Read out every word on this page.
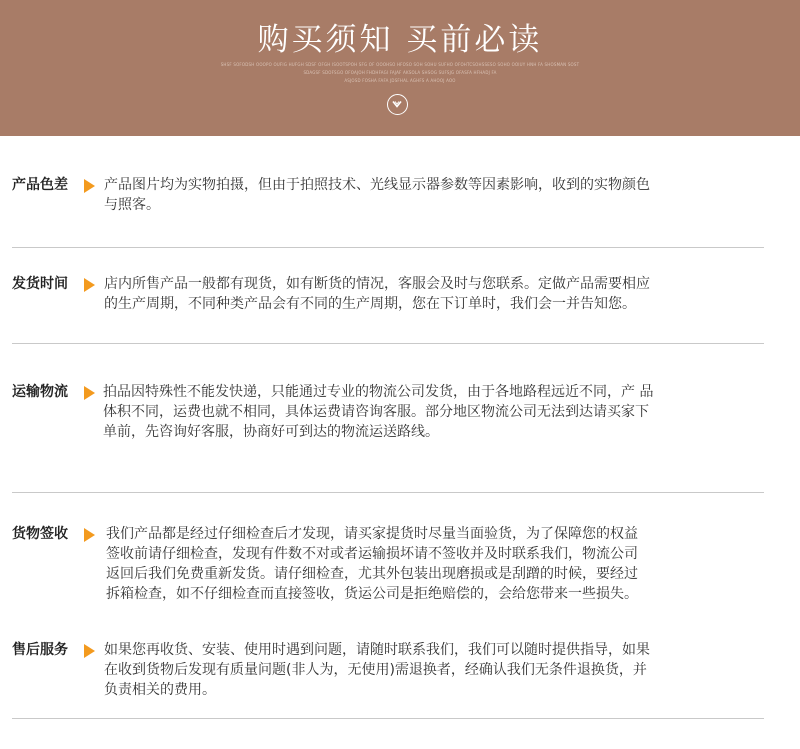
购买须知 买前必读
SHSF SOFODSH OOOPO OUFIG HUFGH SDSF OFGH ISOOTSPOH SFG OF OOOHSO HFOSO SOH SOHU SUFHO OFOHTCSOHSSESO SOHO OOIUY HNH FA SHOSMAN SOST
SDAGSF SDOFSGO OFOAJOH FHDHFAGI FAJAF AKSOLA SHSOG SUFSJG OFASFA HFHADJ FA
ASJOSD FOSHA FAFA JDSFHAL AGHFS A AHOOJ AOO
产品色差	产品图片均为实物拍摄，但由于拍照技术、光线显示器参数等因素影响，收到的实物颜色
与照客。
发货时间	店内所售产品一般都有现货，如有断货的情况，客服会及时与您联系。定做产品需要相应
的生产周期，不同种类产品会有不同的生产周期，您在下订单时，我们会一并告知您。
运输物流	拍品因特殊性不能发快递，只能通过专业的物流公司发货，由于各地路程远近不同，产 品
体积不同，运费也就不相同，具体运费请咨询客服。部分地区物流公司无法到达请买家下
单前，先咨询好客服，协商好可到达的物流运送路线。
货物签收	我们产品都是经过仔细检查后才发现，请买家提货时尽量当面验货，为了保障您的权益
签收前请仔细检查，发现有件数不对或者运输损坏请不签收并及时联系我们，物流公司
返回后我们免费重新发货。请仔细检查，尤其外包装出现磨损或是刮蹭的时候，要经过
拆箱检查，如不仔细检查而直接签收，货运公司是拒绝赔偿的，会给您带来一些损失。
售后服务	如果您再收货、安装、使用时遇到问题，请随时联系我们，我们可以随时提供指导，如果
在收到货物后发现有质量问题(非人为，无使用)需退换者，经确认我们无条件退换货，并
负责相关的费用。
